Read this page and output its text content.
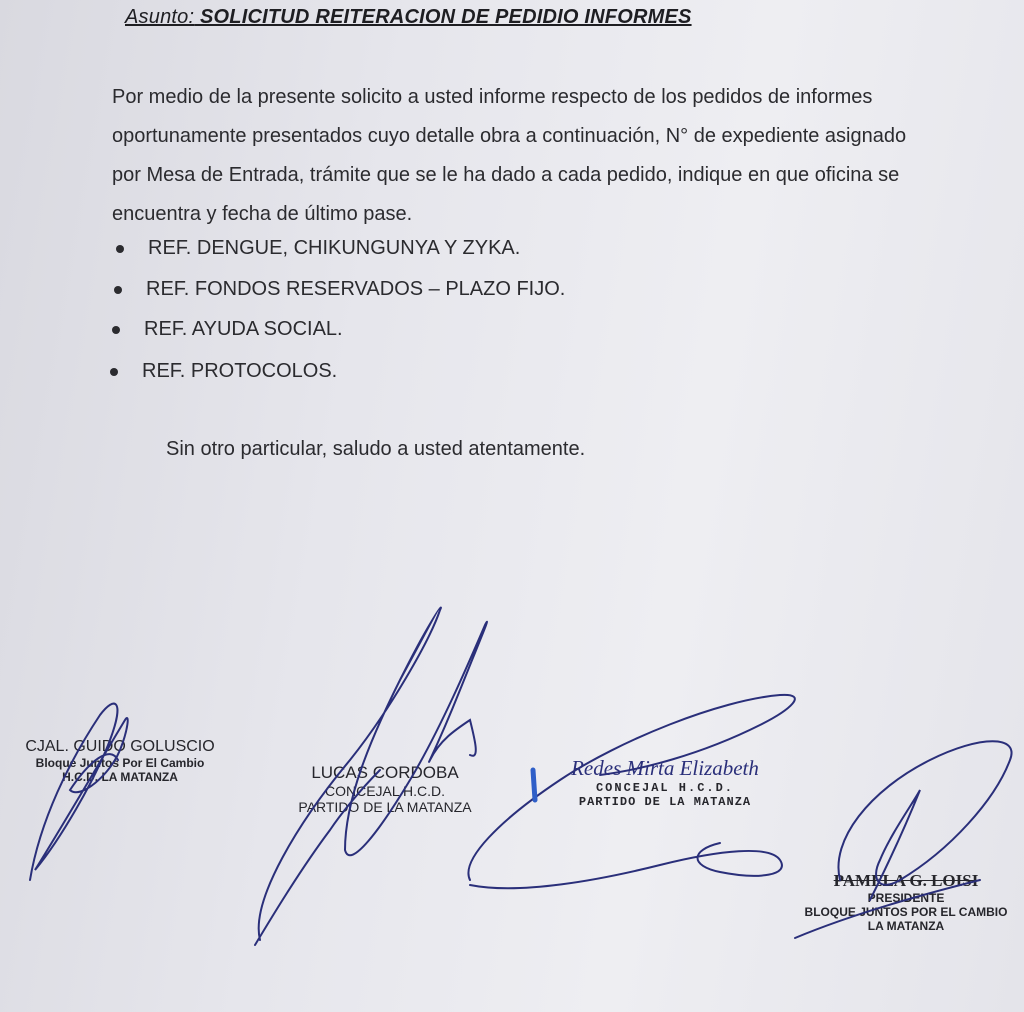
Asunto: SOLICITUD REITERACION DE PEDIDIO INFORMES

Por medio de la presente solicito a usted informe respecto de los pedidos de informes oportunamente presentados cuyo detalle obra a continuación, N° de expediente asignado por Mesa de Entrada, trámite que se le ha dado a cada pedido, indique en que oficina se encuentra y fecha de último pase.

REF. DENGUE, CHIKUNGUNYA Y ZYKA.
REF. FONDOS RESERVADOS – PLAZO FIJO.
REF. AYUDA SOCIAL.
REF. PROTOCOLOS.
Sin otro particular, saludo a usted atentamente.
CJAL. GUIDO GOLUSCIO
Bloque Juntos Por El Cambio
H.C.D. LA MATANZA	LUCAS CORDOBA
CONCEJAL H.C.D.
PARTIDO DE LA MATANZA
Redes Mirta Elizabeth
CONCEJAL H.C.D.
PARTIDO DE LA MATANZA
PAMELA G. LOISI
PRESIDENTE
BLOQUE JUNTOS POR EL CAMBIO
LA MATANZA
